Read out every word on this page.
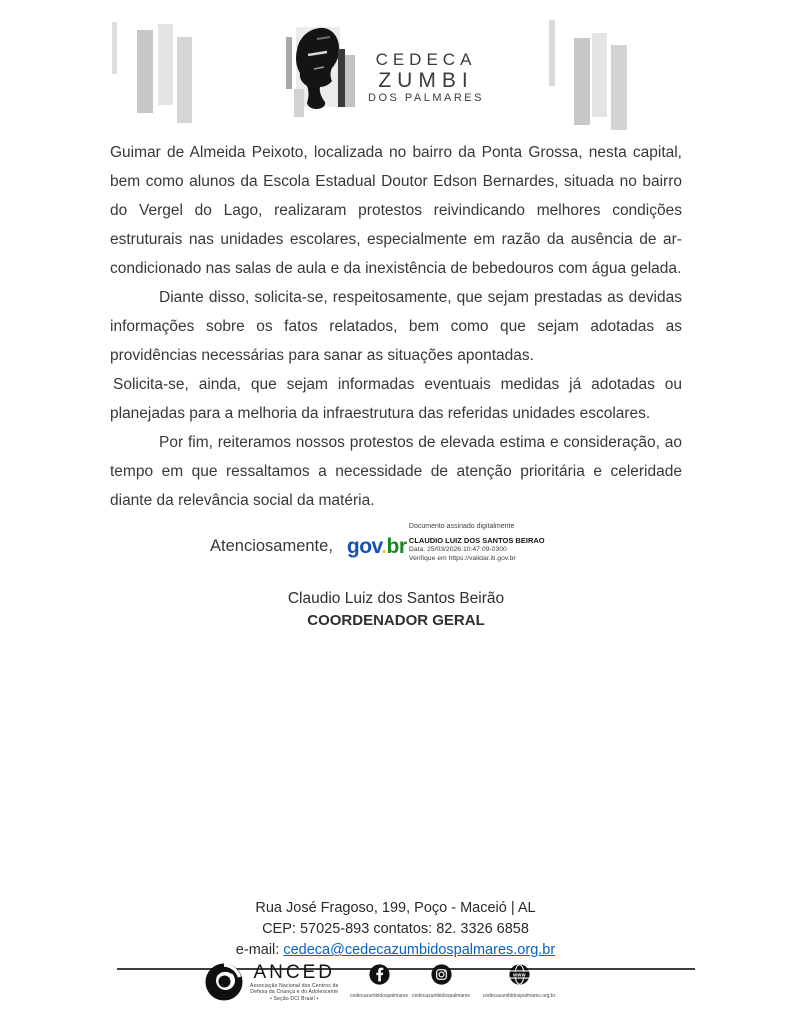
CEDECA
ZUMBI
DOS PALMARES

Guimar de Almeida Peixoto, localizada no bairro da Ponta Grossa, nesta capital, bem como alunos da Escola Estadual Doutor Edson Bernardes, situada no bairro do Vergel do Lago, realizaram protestos reivindicando melhores condições estruturais nas unidades escolares, especialmente em razão da ausência de ar-condicionado nas salas de aula e da inexistência de bebedouros com água gelada.

Diante disso, solicita-se, respeitosamente, que sejam prestadas as devidas informações sobre os fatos relatados, bem como que sejam adotadas as providências necessárias para sanar as situações apontadas.

Solicita-se, ainda, que sejam informadas eventuais medidas já adotadas ou planejadas para a melhoria da infraestrutura das referidas unidades escolares.

Por fim, reiteramos nossos protestos de elevada estima e consideração, ao tempo em que ressaltamos a necessidade de atenção prioritária e celeridade diante da relevância social da matéria.

Atenciosamente, gov.br
Documento assinado digitalmente
CLAUDIO LUIZ DOS SANTOS BEIRAO
Data: 25/03/2026 10:47:09-0300
Verifique em https://validar.iti.gov.br
Claudio Luiz dos Santos Beirão
COORDENADOR GERAL
Rua José Fragoso, 199, Poço - Maceió | AL
CEP: 57025-893 contatos: 82. 3326 6858
e-mail: cedeca@cedecazumbidospalmares.org.br
ANCED
Associação Nacional dos Centros de
Defesa da Criança e do Adolescente
• Seção DCI Brasil •	cedecazumbidospalmares cedecazumbidospalmares
www
cedecazumbidospalmares.org.br
